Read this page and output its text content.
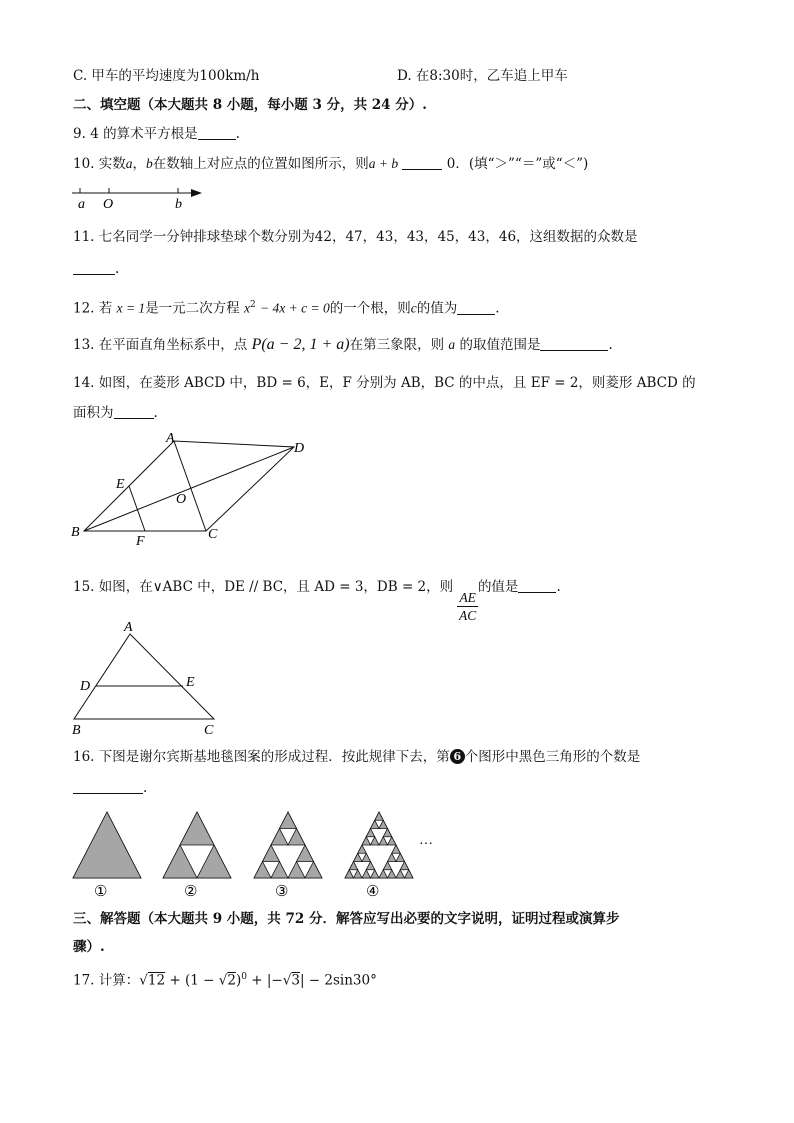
C. 甲车的平均速度为100km/h	D. 在8:30时，乙车追上甲车
二、填空题（本大题共 8 小题，每小题 3 分，共 24 分）.
9. 4 的算术平方根是	.
10. 实数a，b在数轴上对应点的位置如图所示，则a + b	0．(填“＞”“＝”或“＜”)
a O	b
11. 七名同学一分钟排球垫球个数分别为42，47，43，43，45，43，46，这组数据的众数是
.
12. 若 x = 1是一元二次方程 $x^2 - 4x + c = 0$的一个根，则c的值为	.
13. 在平面直角坐标系中，点 P(a − 2, 1 + a)在第三象限，则 a 的取值范围是	.
14. 如图，在菱形 ABCD 中，BD = 6，E，F 分别为 AB，BC 的中点，且 EF = 2，则菱形 ABCD 的
面积为	.
A
B	C
D
E
F
O
15. 如图，在∨ABC 中，DE // BC，且 AD = 3，DB = 2，则
$\frac{AE}{AC}$
的值是	.
A
B	C
D	E
16. 下图是谢尔宾斯基地毯图案的形成过程．按此规律下去，第 6 个图形中黑色三角形的个数是
.
①	②	③	④
…
三、解答题（本大题共 9 小题，共 72 分．解答应写出必要的文字说明，证明过程或演算步
骤）.
17. 计算：$√12 + (1 - √2)^0 + |-√3| - 2\sin 30^\circ$
